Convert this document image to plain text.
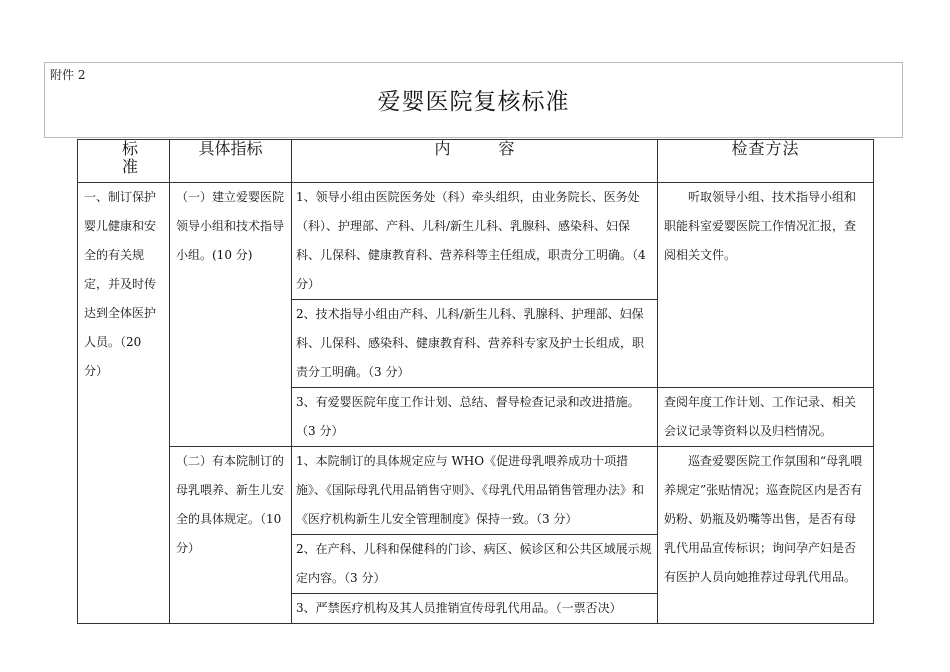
附件 2
爱婴医院复核标准
标准	具体指标	内容	检查方法
一、制订保护婴儿健康和安全的有关规定，并及时传达到全体医护人员。（20 分）	（一）建立爱婴医院领导小组和技术指导小组。(10 分)	1、领导小组由医院医务处（科）牵头组织，由业务院长、医务处（科）、护理部、产科、儿科/新生儿科、乳腺科、感染科、妇保科、儿保科、健康教育科、营养科等主任组成，职责分工明确。（4 分）	听取领导小组、技术指导小组和职能科室爱婴医院工作情况汇报，查阅相关文件。

		2、技术指导小组由产科、儿科/新生儿科、乳腺科、护理部、妇保科、儿保科、感染科、健康教育科、营养科专家及护士长组成，职责分工明确。（3 分）	
		3、有爱婴医院年度工作计划、总结、督导检查记录和改进措施。（3 分）	查阅年度工作计划、工作记录、相关会议记录等资料以及归档情况。
	（二）有本院制订的母乳喂养、新生儿安全的具体规定。（10 分）	1、本院制订的具体规定应与 WHO《促进母乳喂养成功十项措施》、《国际母乳代用品销售守则》、《母乳代用品销售管理办法》和《医疗机构新生儿安全管理制度》保持一致。（3 分）	巡查爱婴医院工作氛围和“母乳喂养规定”张贴情况；巡查院区内是否有奶粉、奶瓶及奶嘴等出售，是否有母乳代用品宣传标识；询问孕产妇是否有医护人员向她推荐过母乳代用品。

		2、在产科、儿科和保健科的门诊、病区、候诊区和公共区域展示规定内容。（3 分）	
		3、严禁医疗机构及其人员推销宣传母乳代用品。（一票否决）	
